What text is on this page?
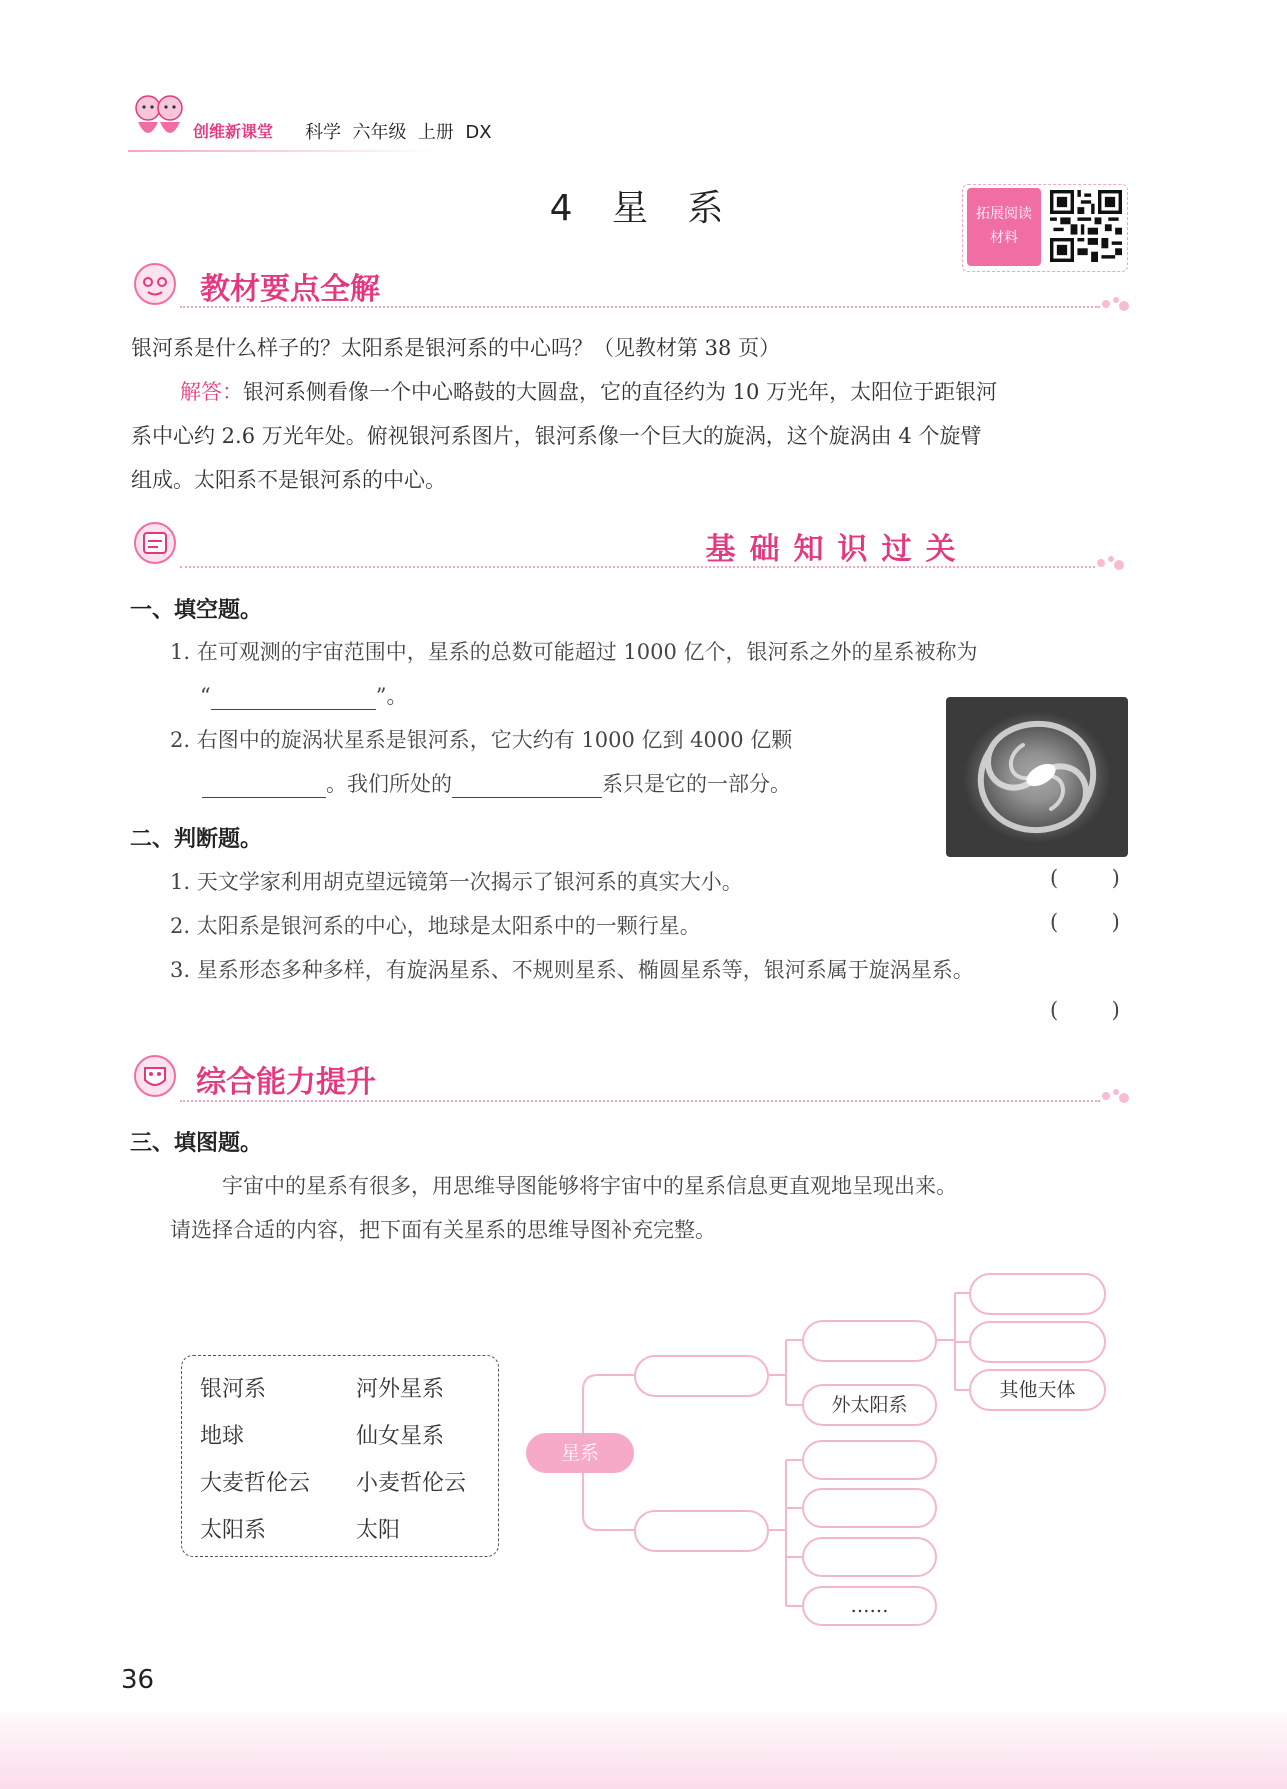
创维新课堂 科学  六年级  上册  DX
4 星 系	拓展阅读
材料
教材要点全解
银河系是什么样子的？太阳系是银河系的中心吗？（见教材第 38 页）
解答：银河系侧看像一个中心略鼓的大圆盘，它的直径约为 10 万光年，太阳位于距银河
系中心约 2.6 万光年处。俯视银河系图片，银河系像一个巨大的旋涡，这个旋涡由 4 个旋臂
组成。太阳系不是银河系的中心。
基础知识过关
一、填空题。
1. 在可观测的宇宙范围中，星系的总数可能超过 1000 亿个，银河系之外的星系被称为
“	”。
2. 右图中的旋涡状星系是银河系，它大约有 1000 亿到 4000 亿颗
。我们所处的	系只是它的一部分。
二、判断题。
1. 天文学家利用胡克望远镜第一次揭示了银河系的真实大小。	(        )
2. 太阳系是银河系的中心，地球是太阳系中的一颗行星。	(        )
3. 星系形态多种多样，有旋涡星系、不规则星系、椭圆星系等，银河系属于旋涡星系。
(        )
综合能力提升
三、填图题。
宇宙中的星系有很多，用思维导图能够将宇宙中的星系信息更直观地呈现出来。
请选择合适的内容，把下面有关星系的思维导图补充完整。
银河系	河外星系
地球	仙女星系
大麦哲伦云 小麦哲伦云
太阳系	太阳
星系
外太阳系
其他天体
……
36
